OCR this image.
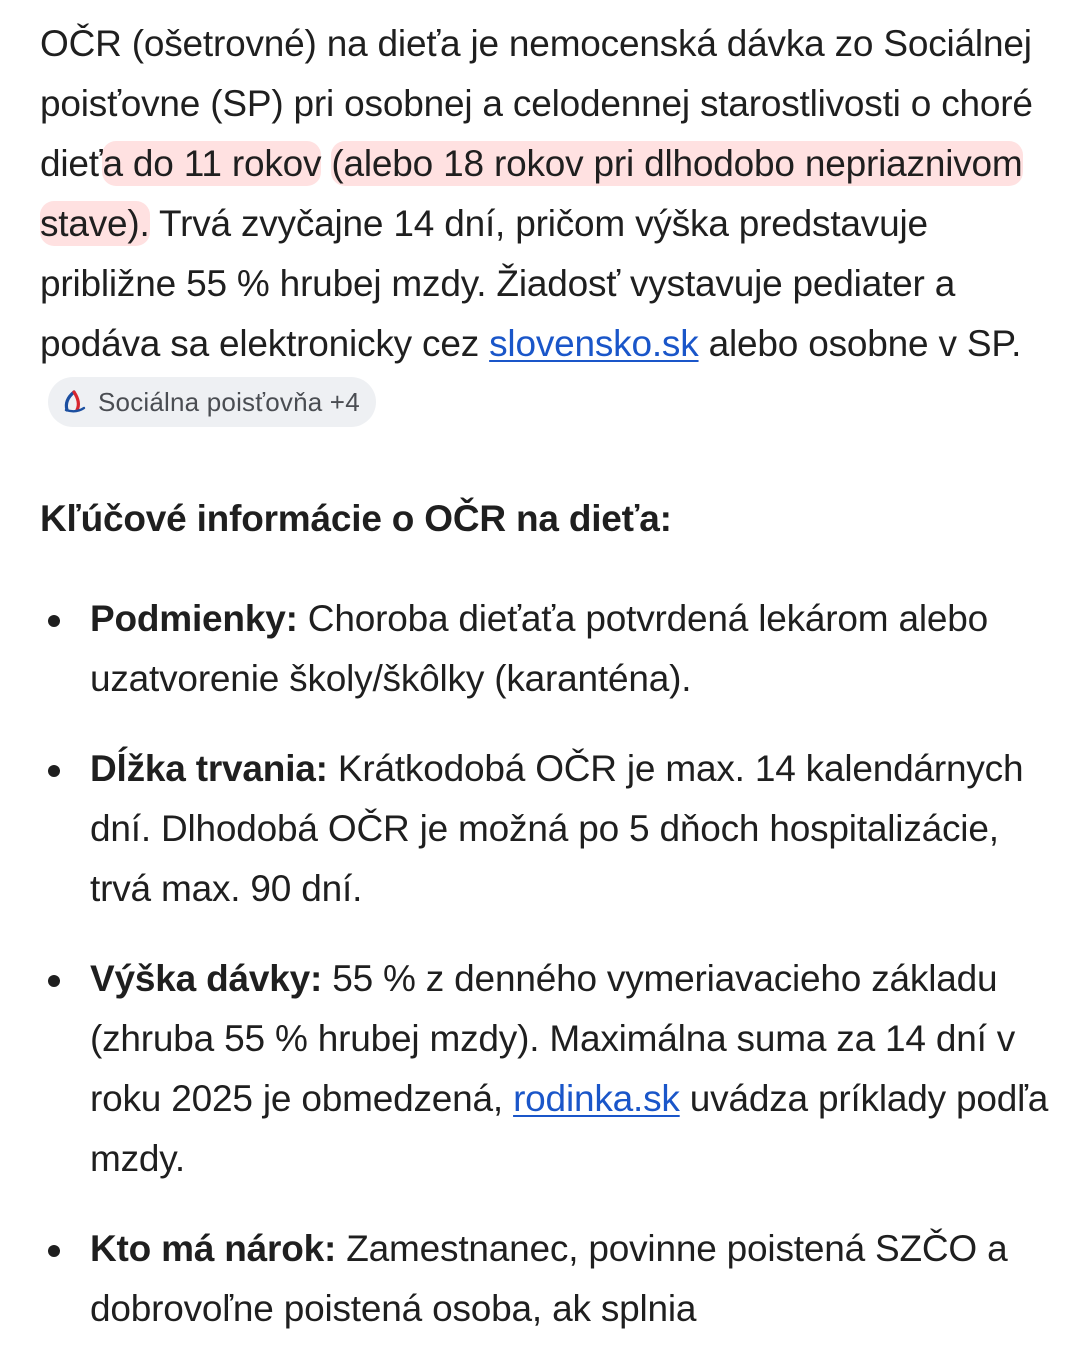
OČR (ošetrovné) na dieťa je nemocenská dávka zo Sociálnej poisťovne (SP) pri osobnej a celodennej starostlivosti o choré dieťa do 11 rokov (alebo 18 rokov pri dlhodobo nepriaznivom stave). Trvá zvyčajne 14 dní, pričom výška predstavuje približne 55 % hrubej mzdy. Žiadosť vystavuje pediater a podáva sa elektronicky cez slovensko.sk alebo osobne v SP.
Sociálna poisťovňa +4

Kľúčové informácie o OČR na dieťa:
Podmienky: Choroba dieťaťa potvrdená lekárom alebo uzatvorenie školy/škôlky (karanténa).
Dĺžka trvania: Krátkodobá OČR je max. 14 kalendárnych dní. Dlhodobá OČR je možná po 5 dňoch hospitalizácie, trvá max. 90 dní.
Výška dávky: 55 % z denného vymeriavacieho základu (zhruba 55 % hrubej mzdy). Maximálna suma za 14 dní v roku 2025 je obmedzená, rodinka.sk uvádza príklady podľa mzdy.
Kto má nárok: Zamestnanec, povinne poistená SZČO a dobrovoľne poistená osoba, ak splnia
